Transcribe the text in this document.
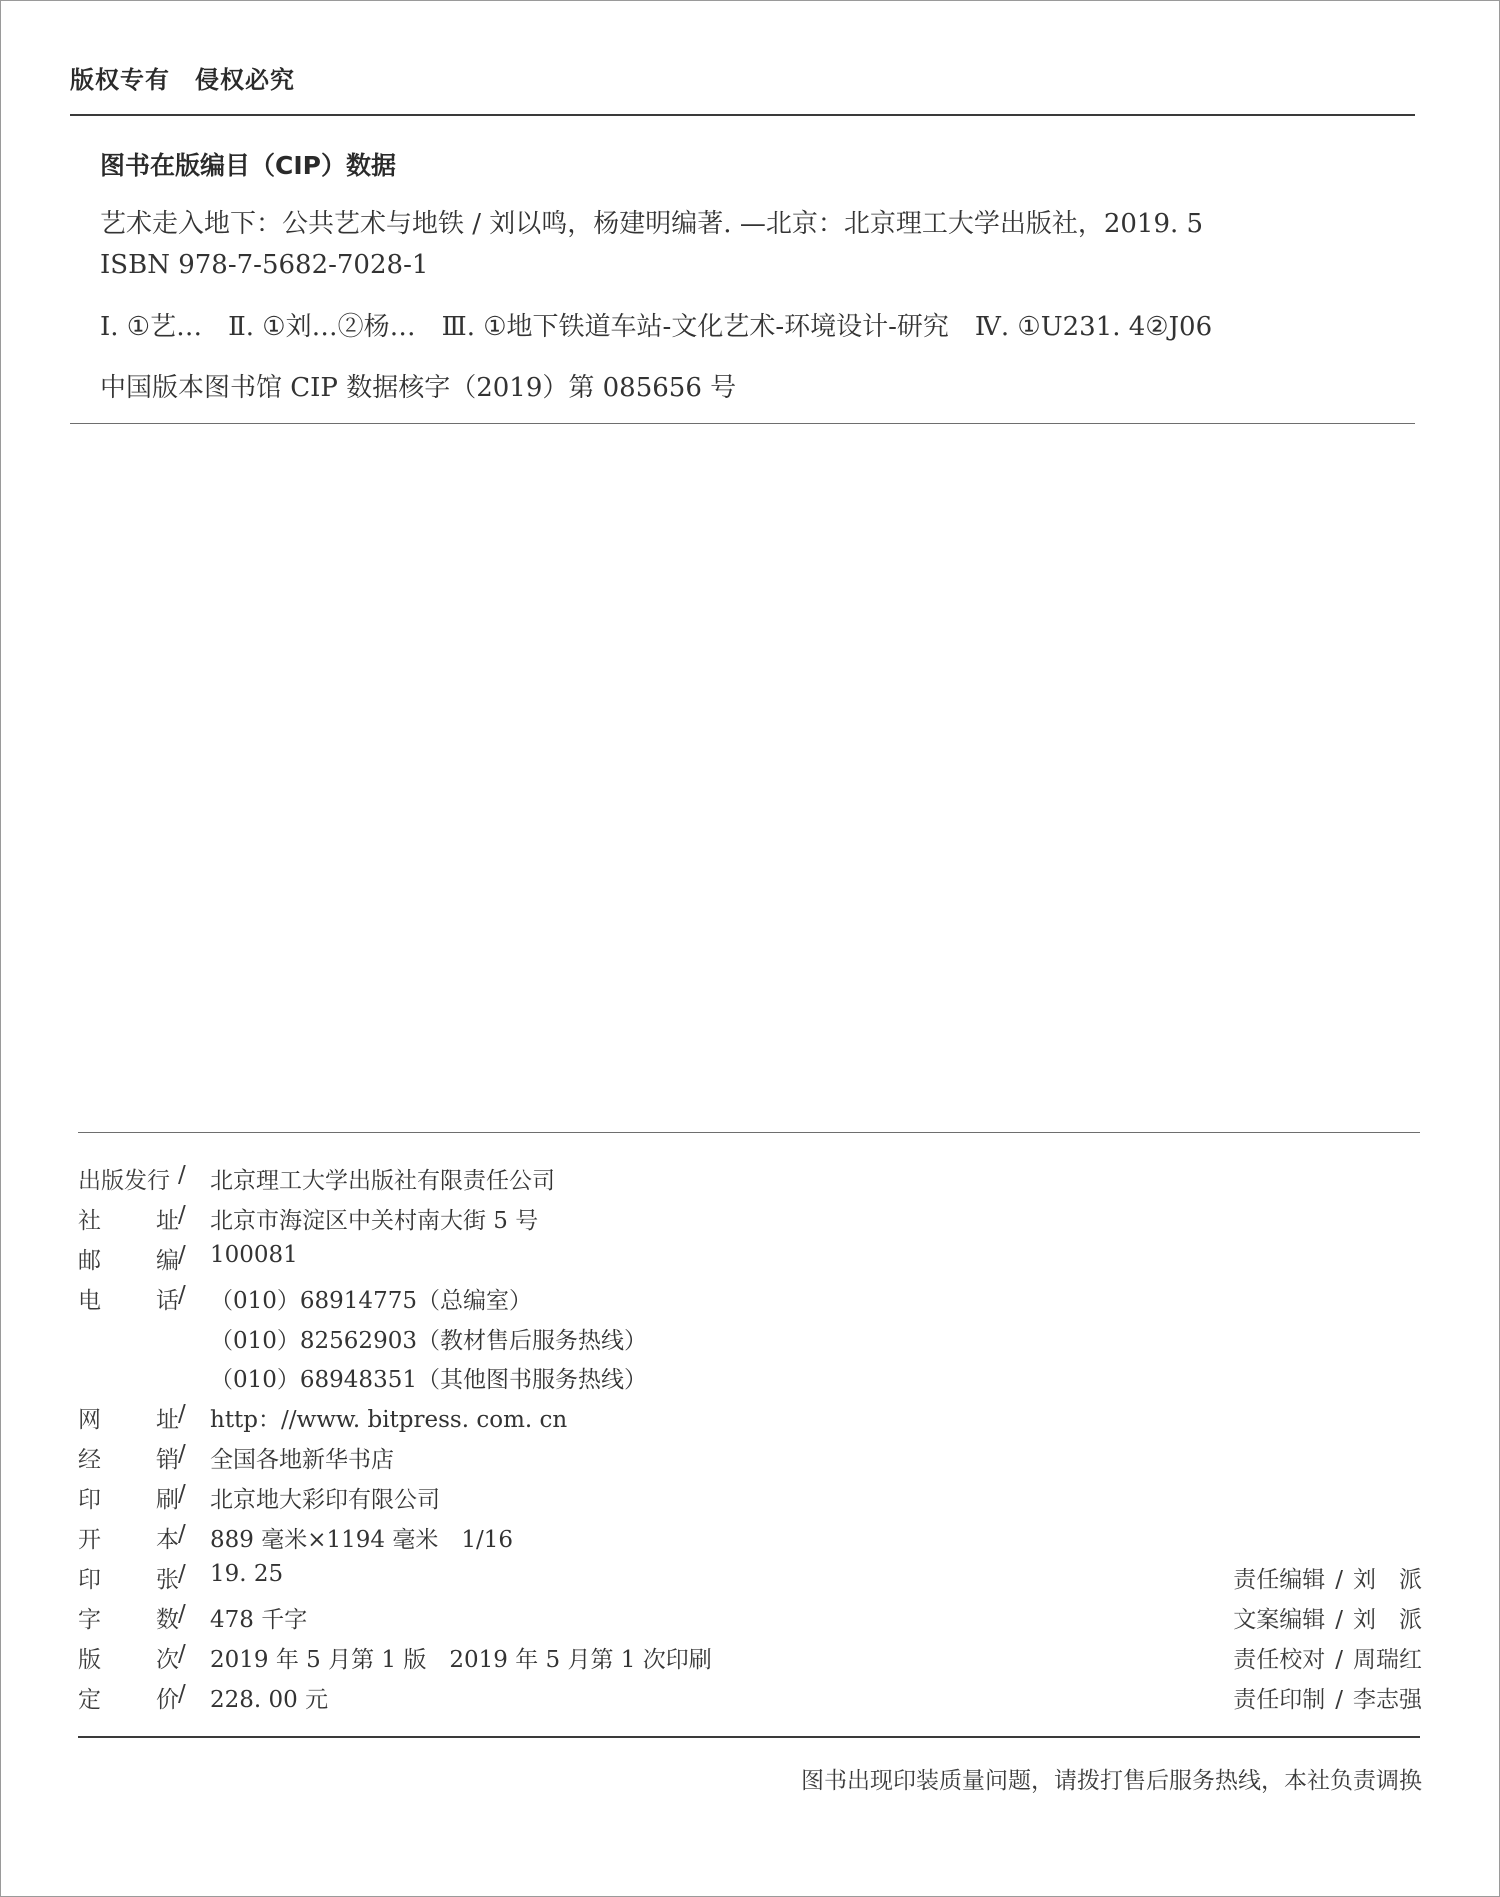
版权专有　侵权必究
图书在版编目（CIP）数据
艺术走入地下：公共艺术与地铁 / 刘以鸣，杨建明编著. —北京：北京理工大学出版社，2019. 5
ISBN 978-7-5682-7028-1
Ⅰ. ①艺…　Ⅱ. ①刘…②杨…　Ⅲ. ①地下铁道车站-文化艺术-环境设计-研究　Ⅳ. ①U231. 4②J06
中国版本图书馆 CIP 数据核字（2019）第 085656 号
出版发行 / 北京理工大学出版社有限责任公司
社 址 / 北京市海淀区中关村南大街 5 号
邮 编 / 100081
电 话 / （010）68914775（总编室）
（010）82562903（教材售后服务热线）
（010）68948351（其他图书服务热线）
网 址 / http：//www. bitpress. com. cn
经 销 / 全国各地新华书店
印 刷 / 北京地大彩印有限公司
开 本 / 889 毫米×1194 毫米　1/16
印 张 / 19. 25
字 数 / 478 千字
版 次 / 2019 年 5 月第 1 版　2019 年 5 月第 1 次印刷
定 价 / 228. 00 元
责任编辑 / 刘　派
文案编辑 / 刘　派
责任校对 / 周瑞红
责任印制 / 李志强
图书出现印装质量问题，请拨打售后服务热线，本社负责调换
